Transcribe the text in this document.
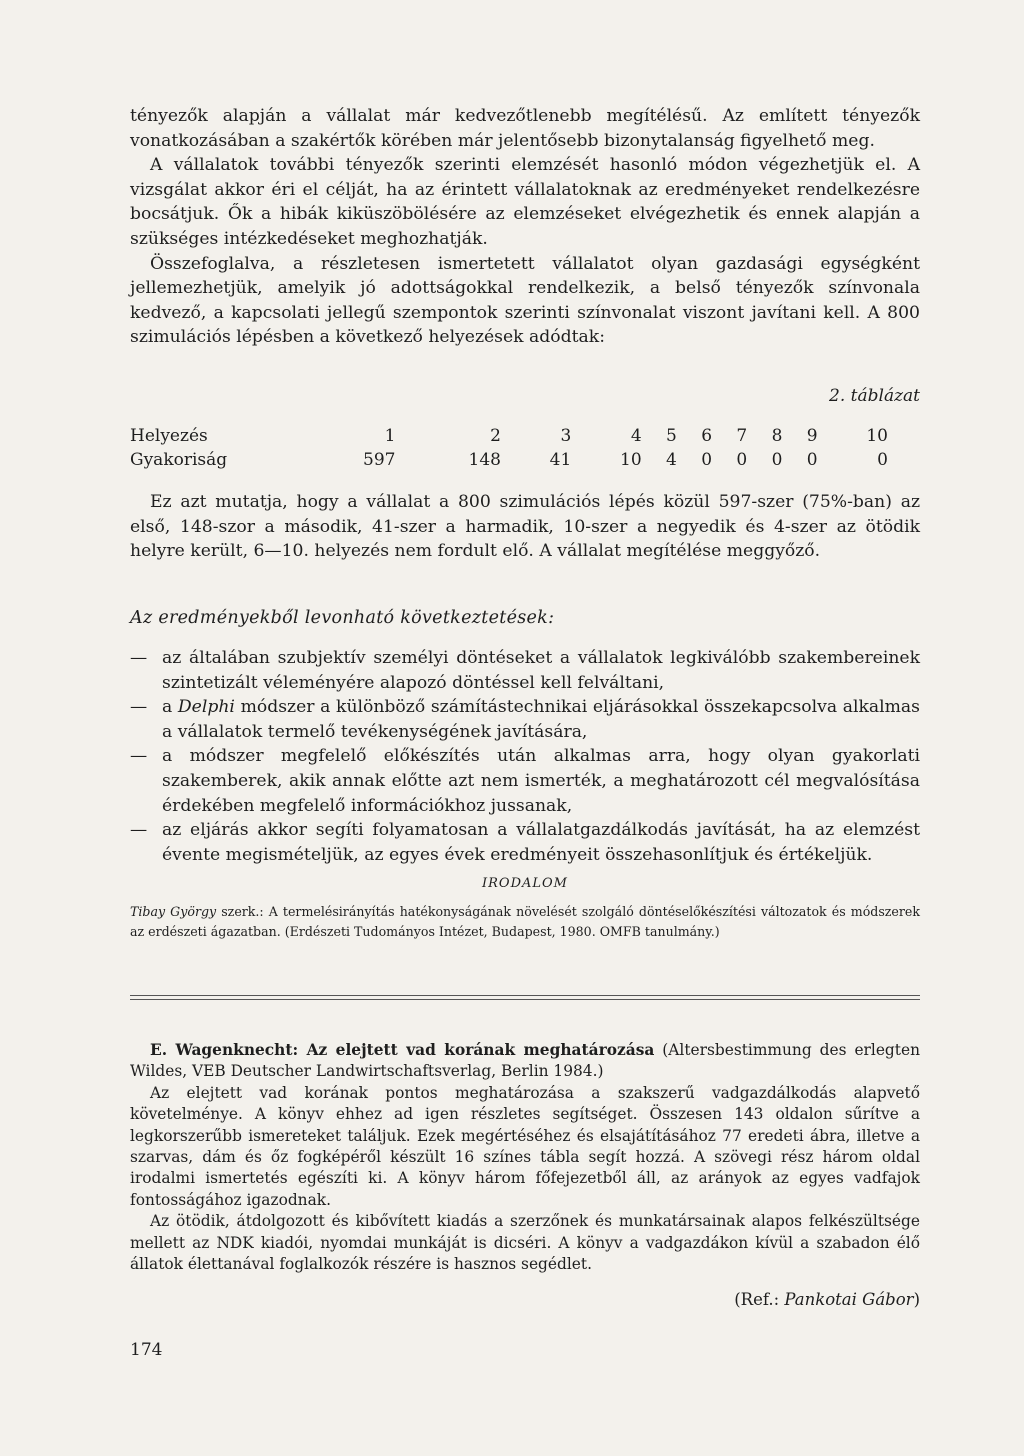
tényezők alapján a vállalat már kedvezőtlenebb megítélésű. Az említett tényezők vonatkozásában a szakértők körében már jelentősebb bizonytalanság figyelhető meg.

A vállalatok további tényezők szerinti elemzését hasonló módon végezhetjük el. A vizsgálat akkor éri el célját, ha az érintett vállalatoknak az eredményeket rendelkezésre bocsátjuk. Ők a hibák kiküszöbölésére az elemzéseket elvégezhetik és ennek alapján a szükséges intézkedéseket meghozhatják.

Összefoglalva, a részletesen ismertetett vállalatot olyan gazdasági egységként jellemezhetjük, amelyik jó adottságokkal rendelkezik, a belső tényezők színvonala kedvező, a kapcsolati jellegű szempontok szerinti színvonalat viszont javítani kell. A 800 szimulációs lépésben a következő helyezések adódtak:

2. táblázat
Helyezés	1	2	3	4	5	6	7	8	9	10
Gyakoriság	597	148	41	10	4	0	0	0	0	0

Ez azt mutatja, hogy a vállalat a 800 szimulációs lépés közül 597-szer (75%-ban) az első, 148-szor a második, 41-szer a harmadik, 10-szer a negyedik és 4-szer az ötödik helyre került, 6—10. helyezés nem fordult elő. A vállalat megítélése meggyőző.

Az eredményekből levonható következtetések:
— az általában szubjektív személyi döntéseket a vállalatok legkiválóbb szakembereinek szintetizált véleményére alapozó döntéssel kell felváltani,
— a Delphi módszer a különböző számítástechnikai eljárásokkal összekapcsolva alkalmas a vállalatok termelő tevékenységének javítására,
— a módszer megfelelő előkészítés után alkalmas arra, hogy olyan gyakorlati szakemberek, akik annak előtte azt nem ismerték, a meghatározott cél megvalósítása érdekében megfelelő információkhoz jussanak,
— az eljárás akkor segíti folyamatosan a vállalatgazdálkodás javítását, ha az elemzést évente megismételjük, az egyes évek eredményeit összehasonlítjuk és értékeljük.
IRODALOM
Tibay György szerk.: A termelésirányítás hatékonyságának növelését szolgáló döntéselőkészítési változatok és módszerek az erdészeti ágazatban. (Erdészeti Tudományos Intézet, Budapest, 1980. OMFB tanulmány.)

E. Wagenknecht: Az elejtett vad korának meghatározása (Altersbestimmung des erlegten Wildes, VEB Deutscher Landwirtschaftsverlag, Berlin 1984.)

Az elejtett vad korának pontos meghatározása a szakszerű vadgazdálkodás alapvető követelménye. A könyv ehhez ad igen részletes segítséget. Összesen 143 oldalon sűrítve a legkorszerűbb ismereteket találjuk. Ezek megértéséhez és elsajátításához 77 eredeti ábra, illetve a szarvas, dám és őz fogképéről készült 16 színes tábla segít hozzá. A szövegi rész három oldal irodalmi ismertetés egészíti ki. A könyv három főfejezetből áll, az arányok az egyes vadfajok fontosságához igazodnak.

Az ötödik, átdolgozott és kibővített kiadás a szerzőnek és munkatársainak alapos felkészültsége mellett az NDK kiadói, nyomdai munkáját is dicséri. A könyv a vadgazdákon kívül a szabadon élő állatok élettanával foglalkozók részére is hasznos segédlet.

(Ref.: Pankotai Gábor)
174
